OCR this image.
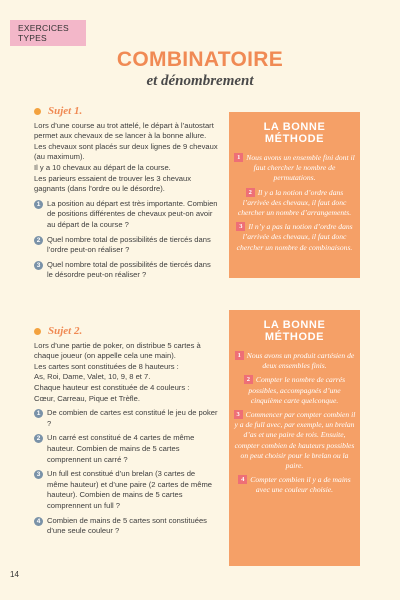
EXERCICES TYPES
COMBINATOIRE
et dénombrement
Sujet 1.

Lors d’une course au trot attelé, le départ à l’autostart permet aux chevaux de se lancer à la bonne allure. Les chevaux sont placés sur deux lignes de 9 chevaux (au maximum).

Il y a 10 chevaux au départ de la course.

Les parieurs essaient de trouver les 3 chevaux gagnants (dans l’ordre ou le désordre).

1 La position au départ est très importante. Combien de positions différentes de chevaux peut-on avoir au départ de la course ?
2 Quel nombre total de possibilités de tiercés dans l’ordre peut-on réaliser ?
3 Quel nombre total de possibilités de tiercés dans le désordre peut-on réaliser ?
LA BONNE MÉTHODE
1 Nous avons un ensemble fini dont il faut chercher le nombre de permutations.
2 Il y a la notion d’ordre dans l’arrivée des chevaux, il faut donc chercher un nombre d’arrangements.
3 Il n’y a pas la notion d’ordre dans l’arrivée des chevaux, il faut donc chercher un nombre de combinaisons.
Sujet 2.

Lors d’une partie de poker, on distribue 5 cartes à chaque joueur (on appelle cela une main).

Les cartes sont constituées de 8 hauteurs :

As, Roi, Dame, Valet, 10, 9, 8 et 7.

Chaque hauteur est constituée de 4 couleurs :

Cœur, Carreau, Pique et Trèfle.

1 De combien de cartes est constitué le jeu de poker ?
2 Un carré est constitué de 4 cartes de même hauteur. Combien de mains de 5 cartes comprennent un carré ?
3 Un full est constitué d’un brelan (3 cartes de même hauteur) et d’une paire (2 cartes de même hauteur). Combien de mains de 5 cartes comprennent un full ?
4 Combien de mains de 5 cartes sont constituées d’une seule couleur ?
LA BONNE MÉTHODE
1 Nous avons un produit cartésien de deux ensembles finis.
2 Compter le nombre de carrés possibles, accompagnés d’une cinquième carte quelconque.
3 Commencer par compter combien il y a de full avec, par exemple, un brelan d’as et une paire de rois. Ensuite, compter combien de hauteurs possibles on peut choisir pour le brelan ou la paire.
4 Compter combien il y a de mains avec une couleur choisie.
14
